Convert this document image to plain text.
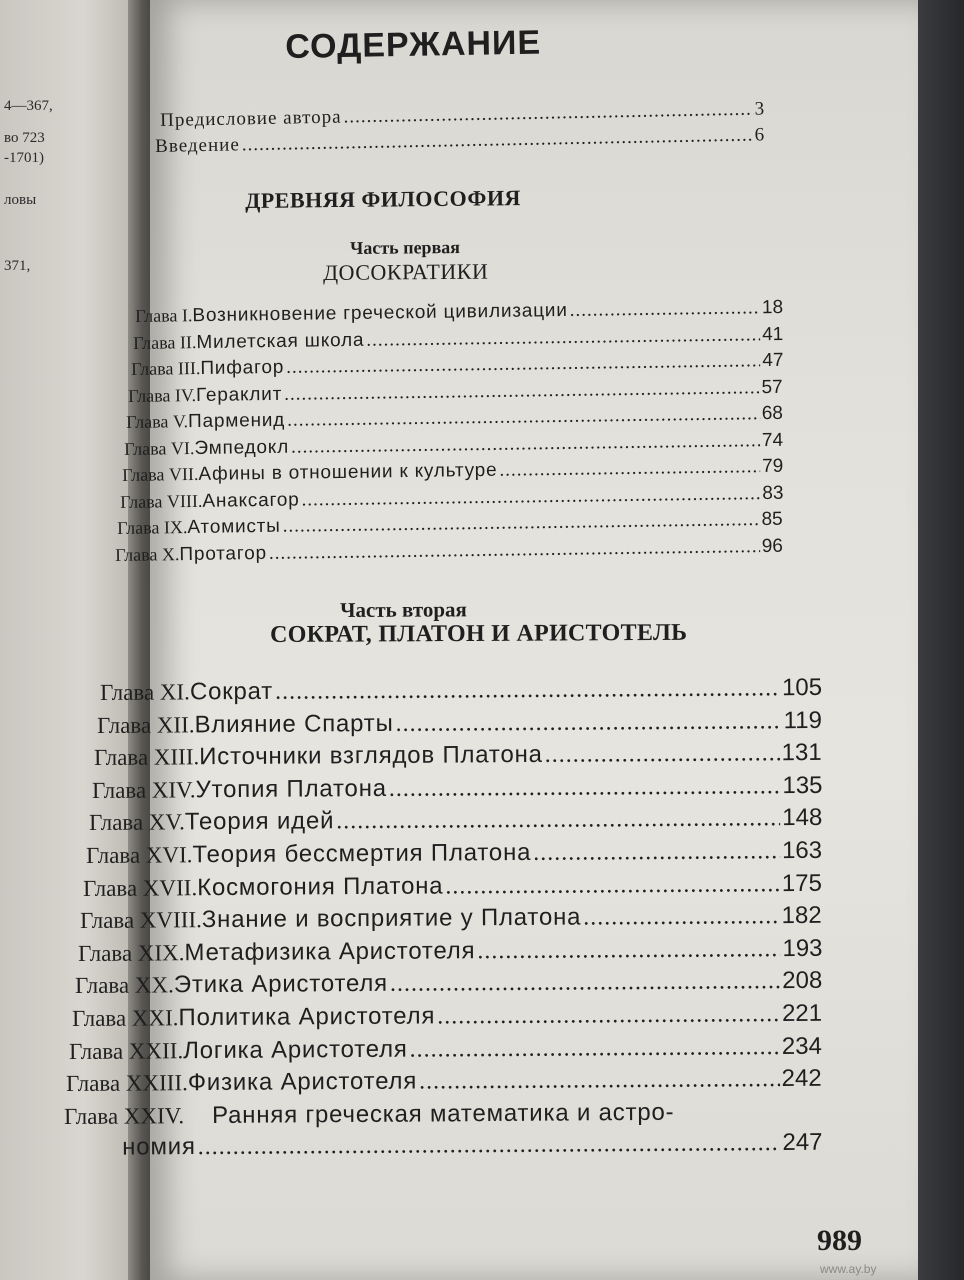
4—367,
во 723
-1701)
ловы
371,
СОДЕРЖАНИЕ
Предисловие автора .....	3
Введение .....	6
ДРЕВНЯЯ ФИЛОСОФИЯ
Часть первая
ДОСОКРАТИКИ
Глава I. Возникновение греческой цивилизации .....	18
Глава II. Милетская школа .....	41
Глава III. Пифагор .....	47
Глава IV. Гераклит .....	57
Глава V. Парменид .....	68
Глава VI. Эмпедокл .....	74
Глава VII. Афины в отношении к культуре .....	79
Глава VIII. Анаксагор .....	83
Глава IX. Атомисты .....	85
Глава X. Протагор .....	96
Часть вторая
СОКРАТ, ПЛАТОН И АРИСТОТЕЛЬ
Глава XI. Сократ .....	105
Глава XII. Влияние Спарты .....	119
Глава XIII. Источники взглядов Платона .....	131
Глава XIV. Утопия Платона .....	135
Глава XV. Теория идей .....	148
Глава XVI. Теория бессмертия Платона .....	163
Глава XVII. Космогония Платона .....	175
Глава XVIII. Знание и восприятие у Платона .....	182
Глава XIX. Метафизика Аристотеля .....	193
Глава XX. Этика Аристотеля .....	208
Глава XXI. Политика Аристотеля .....	221
Глава XXII. Логика Аристотеля .....	234
Глава XXIII. Физика Аристотеля .....	242
Глава XXIV.	Ранняя греческая математика и астро-
номия .....	247
989
www.ay.by
